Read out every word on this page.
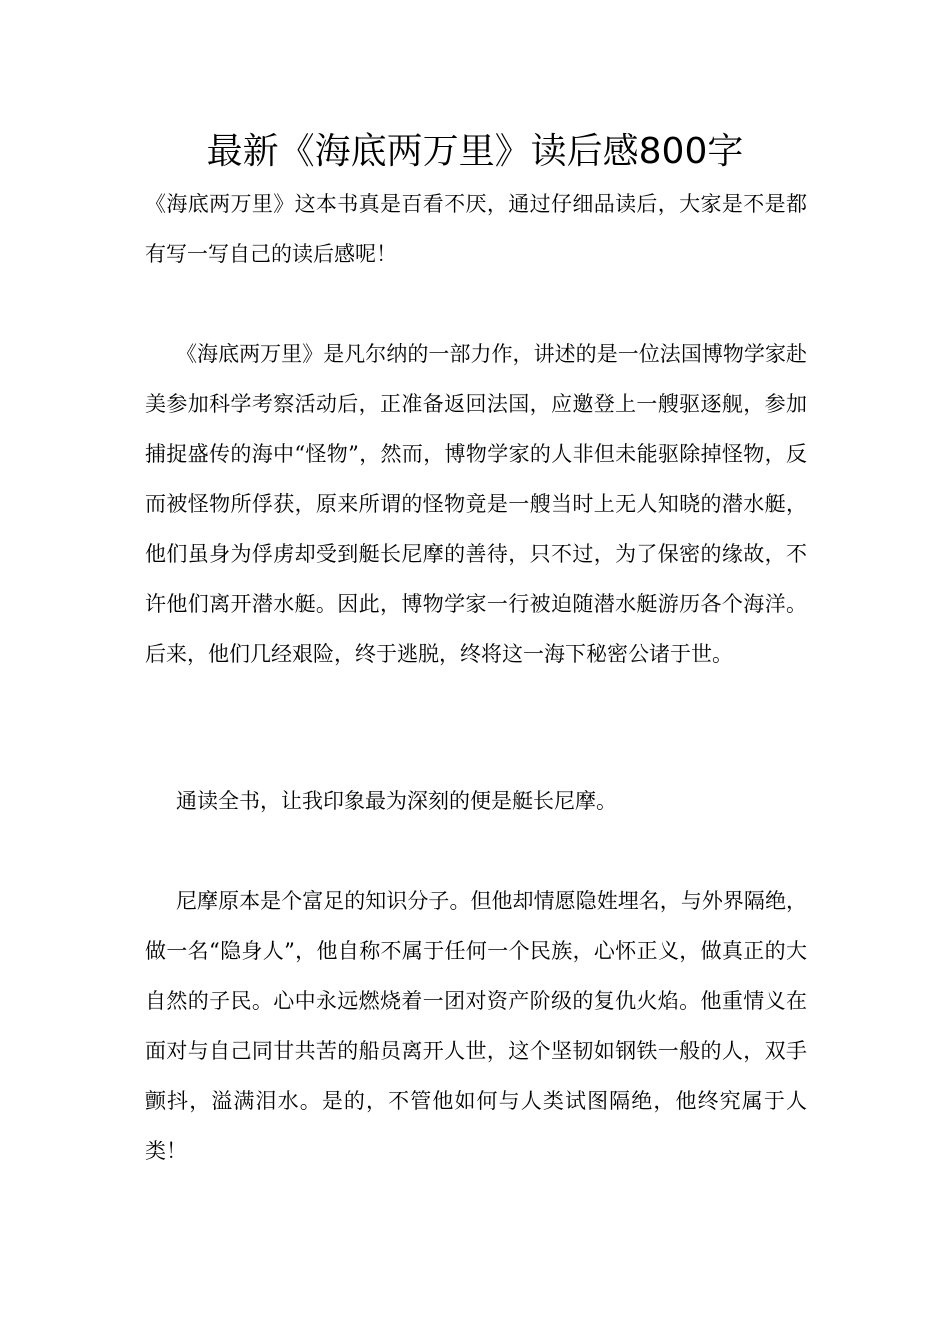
最新《海底两万里》读后感800字

《海底两万里》这本书真是百看不厌，通过仔细品读后，大家是不是都有写一写自己的读后感呢！

《海底两万里》是凡尔纳的一部力作，讲述的是一位法国博物学家赴美参加科学考察活动后，正准备返回法国，应邀登上一艘驱逐舰，参加捕捉盛传的海中“怪物”，然而，博物学家的人非但未能驱除掉怪物，反而被怪物所俘获，原来所谓的怪物竟是一艘当时上无人知晓的潜水艇，他们虽身为俘虏却受到艇长尼摩的善待，只不过，为了保密的缘故，不许他们离开潜水艇。因此，博物学家一行被迫随潜水艇游历各个海洋。后来，他们几经艰险，终于逃脱，终将这一海下秘密公诸于世。

通读全书，让我印象最为深刻的便是艇长尼摩。

尼摩原本是个富足的知识分子。但他却情愿隐姓埋名，与外界隔绝，做一名“隐身人”，他自称不属于任何一个民族，心怀正义，做真正的大自然的子民。心中永远燃烧着一团对资产阶级的复仇火焰。他重情义在面对与自己同甘共苦的船员离开人世，这个坚韧如钢铁一般的人，双手颤抖，溢满泪水。是的，不管他如何与人类试图隔绝，他终究属于人类！
